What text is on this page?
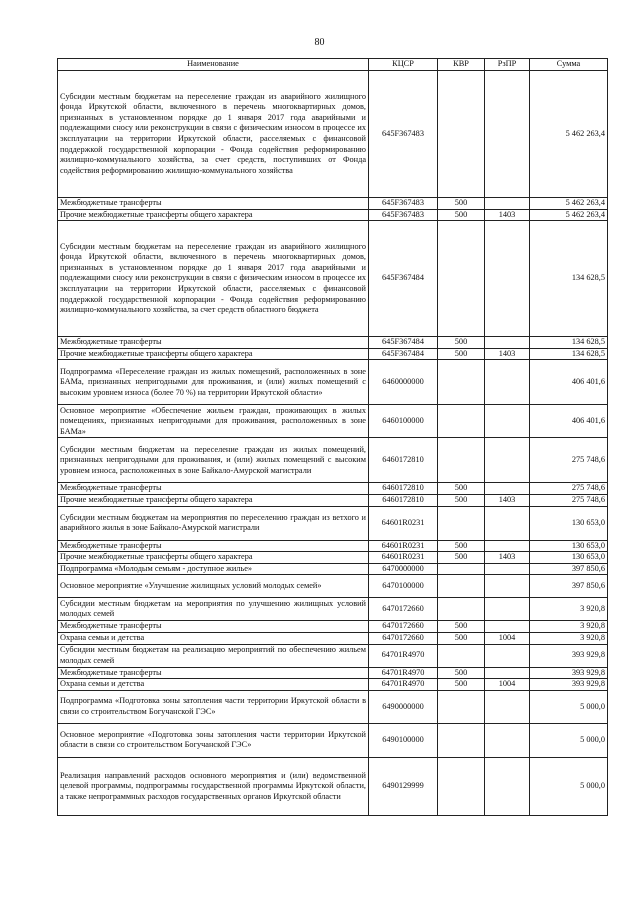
80
Наименование	КЦСР	КВР	РзПР	Сумма
Субсидии местным бюджетам на переселение граждан из аварийного жилищного фонда Иркутской области, включенного в перечень многоквартирных домов, признанных в установленном порядке до 1 января 2017 года аварийными и подлежащими сносу или реконструкции в связи с физическим износом в процессе их эксплуатации на территории Иркутской области, расселяемых с финансовой поддержкой государственной корпорации - Фонда содействия реформированию жилищно-коммунального хозяйства, за счет средств, поступивших от Фонда содействия реформированию жилищно-коммунального хозяйства	645F367483			5 462 263,4
Межбюджетные трансферты	645F367483	500		5 462 263,4
Прочие межбюджетные трансферты общего характера	645F367483	500	1403	5 462 263,4
Субсидии местным бюджетам на переселение граждан из аварийного жилищного фонда Иркутской области, включенного в перечень многоквартирных домов, признанных в установленном порядке до 1 января 2017 года аварийными и подлежащими сносу или реконструкции в связи с физическим износом в процессе их эксплуатации на территории Иркутской области, расселяемых с финансовой поддержкой государственной корпорации - Фонда содействия реформированию жилищно-коммунального хозяйства, за счет средств областного бюджета	645F367484			134 628,5
Межбюджетные трансферты	645F367484	500		134 628,5
Прочие межбюджетные трансферты общего характера	645F367484	500	1403	134 628,5
Подпрограмма «Переселение граждан из жилых помещений, расположенных в зоне БАМа, признанных непригодными для проживания, и (или) жилых помещений с высоким уровнем износа (более 70 %) на территории Иркутской области»	6460000000			406 401,6
Основное мероприятие «Обеспечение жильем граждан, проживающих в жилых помещениях, признанных непригодными для проживания, расположенных в зоне БАМа»	6460100000			406 401,6
Субсидии местным бюджетам на переселение граждан из жилых помещений, признанных непригодными для проживания, и (или) жилых помещений с высоким уровнем износа, расположенных в зоне Байкало-Амурской магистрали	6460172810			275 748,6
Межбюджетные трансферты	6460172810	500		275 748,6
Прочие межбюджетные трансферты общего характера	6460172810	500	1403	275 748,6
Субсидии местным бюджетам на мероприятия по переселению граждан из ветхого и аварийного жилья в зоне Байкало-Амурской магистрали	64601R0231			130 653,0
Межбюджетные трансферты	64601R0231	500		130 653,0
Прочие межбюджетные трансферты общего характера	64601R0231	500	1403	130 653,0
Подпрограмма «Молодым семьям - доступное жилье»	6470000000			397 850,6
Основное мероприятие «Улучшение жилищных условий молодых семей»	6470100000			397 850,6
Субсидии местным бюджетам на мероприятия по улучшению жилищных условий молодых семей	6470172660			3 920,8
Межбюджетные трансферты	6470172660	500		3 920,8
Охрана семьи и детства	6470172660	500	1004	3 920,8
Субсидии местным бюджетам на реализацию мероприятий по обеспечению жильем молодых семей	64701R4970			393 929,8
Межбюджетные трансферты	64701R4970	500		393 929,8
Охрана семьи и детства	64701R4970	500	1004	393 929,8
Подпрограмма «Подготовка зоны затопления части территории Иркутской области в связи со строительством Богучанской ГЭС»	6490000000			5 000,0
Основное мероприятие «Подготовка зоны затопления части территории Иркутской области в связи со строительством Богучанской ГЭС»	6490100000			5 000,0
Реализация направлений расходов основного мероприятия и (или) ведомственной целевой программы, подпрограммы государственной программы Иркутской области, а также непрограммных расходов государственных органов Иркутской области	6490129999			5 000,0
